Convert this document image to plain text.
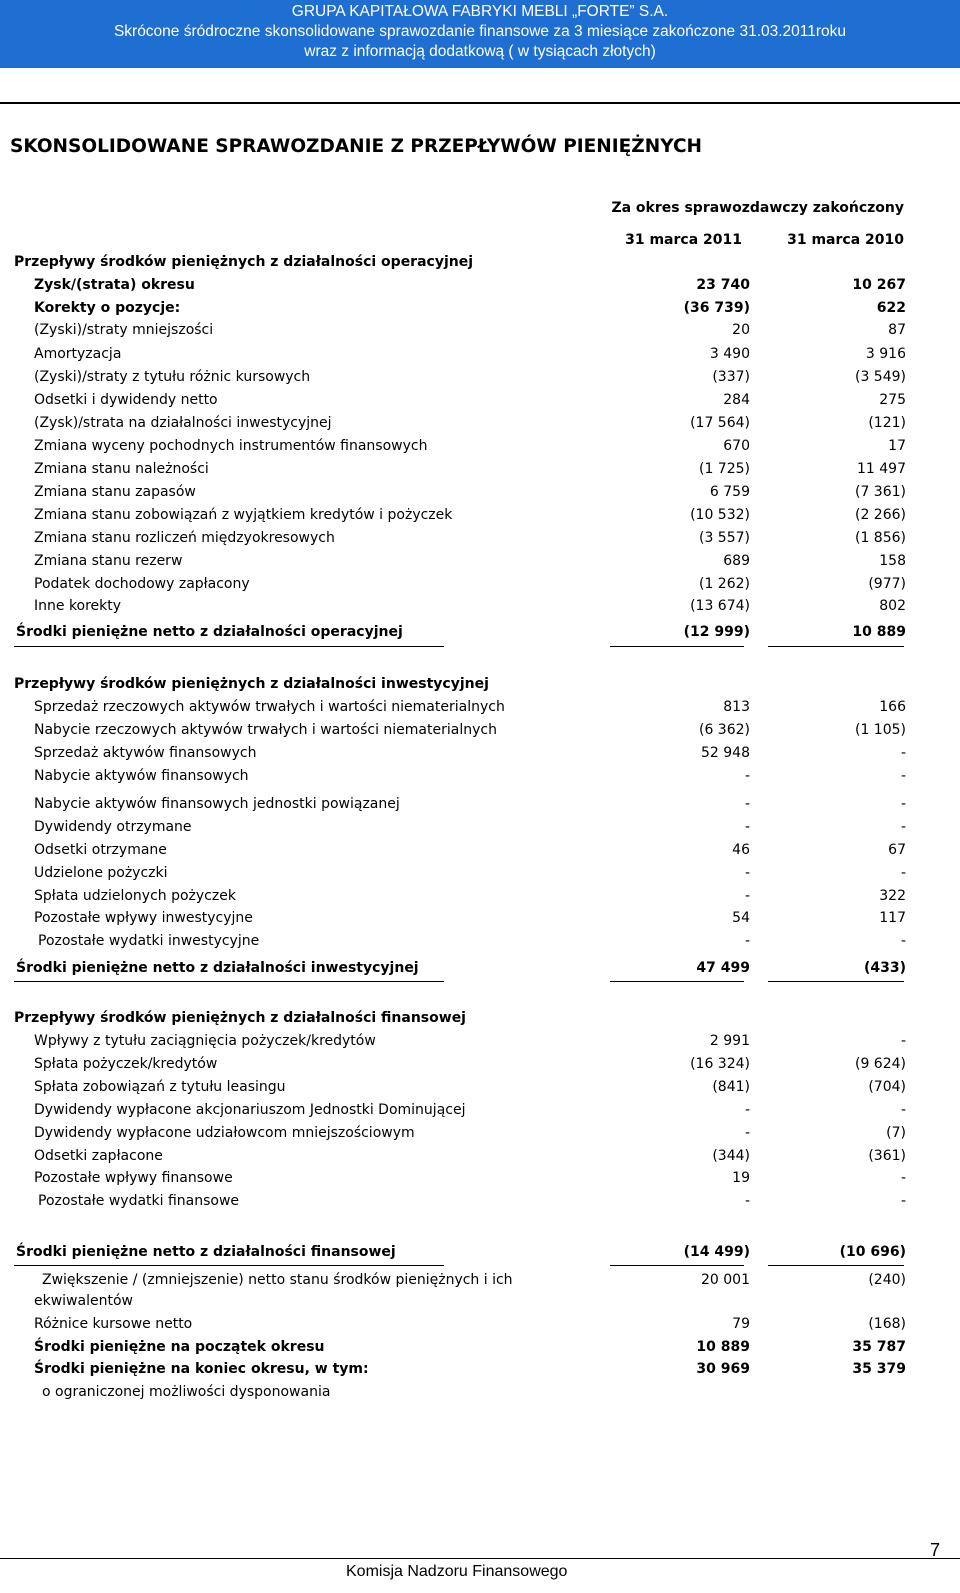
GRUPA KAPITAŁOWA FABRYKI MEBLI „FORTE” S.A.
Skrócone śródroczne skonsolidowane sprawozdanie finansowe za 3 miesiące zakończone 31.03.2011roku
wraz z informacją dodatkową ( w tysiącach złotych)
SKONSOLIDOWANE SPRAWOZDANIE Z PRZEPŁYWÓW PIENIĘŻNYCH
Za okres sprawozdawczy zakończony
31 marca 2011	31 marca 2010
Przepływy środków pieniężnych z działalności operacyjnej
Zysk/(strata) okresu	23 740	10 267
Korekty o pozycje:	(36 739)	622
(Zyski)/straty mniejszości	20	87
Amortyzacja	3 490	3 916
(Zyski)/straty z tytułu różnic kursowych	(337)	(3 549)
Odsetki i dywidendy netto	284	275
(Zysk)/strata na działalności inwestycyjnej	(17 564)	(121)
Zmiana wyceny pochodnych instrumentów finansowych	670	17
Zmiana stanu należności	(1 725)	11 497
Zmiana stanu zapasów	6 759	(7 361)
Zmiana stanu zobowiązań z wyjątkiem kredytów i pożyczek	(10 532)	(2 266)
Zmiana stanu rozliczeń międzyokresowych	(3 557)	(1 856)
Zmiana stanu rezerw	689	158
Podatek dochodowy zapłacony	(1 262)	(977)
Inne korekty	(13 674)	802
Środki pieniężne netto z działalności operacyjnej	(12 999)	10 889
Przepływy środków pieniężnych z działalności inwestycyjnej
Sprzedaż rzeczowych aktywów trwałych i wartości niematerialnych	813	166
Nabycie rzeczowych aktywów trwałych i wartości niematerialnych	(6 362)	(1 105)
Sprzedaż aktywów finansowych	52 948	-
Nabycie aktywów finansowych	-	-
Nabycie aktywów finansowych jednostki powiązanej	-	-
Dywidendy otrzymane	-	-
Odsetki otrzymane	46	67
Udzielone pożyczki	-	-
Spłata udzielonych pożyczek	-	322
Pozostałe wpływy inwestycyjne	54	117
Pozostałe wydatki inwestycyjne	-	-
Środki pieniężne netto z działalności inwestycyjnej	47 499	(433)
Przepływy środków pieniężnych z działalności finansowej
Wpływy z tytułu zaciągnięcia pożyczek/kredytów	2 991	-
Spłata pożyczek/kredytów	(16 324)	(9 624)
Spłata zobowiązań z tytułu leasingu	(841)	(704)
Dywidendy wypłacone akcjonariuszom Jednostki Dominującej	-	-
Dywidendy wypłacone udziałowcom mniejszościowym	-	(7)
Odsetki zapłacone	(344)	(361)
Pozostałe wpływy finansowe	19	-
Pozostałe wydatki finansowe	-	-
Środki pieniężne netto z działalności finansowej	(14 499)	(10 696)
Zwiększenie / (zmniejszenie) netto stanu środków pieniężnych i ich	20 001	(240)
ekwiwalentów
Różnice kursowe netto	79	(168)
Środki pieniężne na początek okresu	10 889	35 787
Środki pieniężne na koniec okresu, w tym:	30 969	35 379
o ograniczonej możliwości dysponowania
Komisja Nadzoru Finansowego
7
